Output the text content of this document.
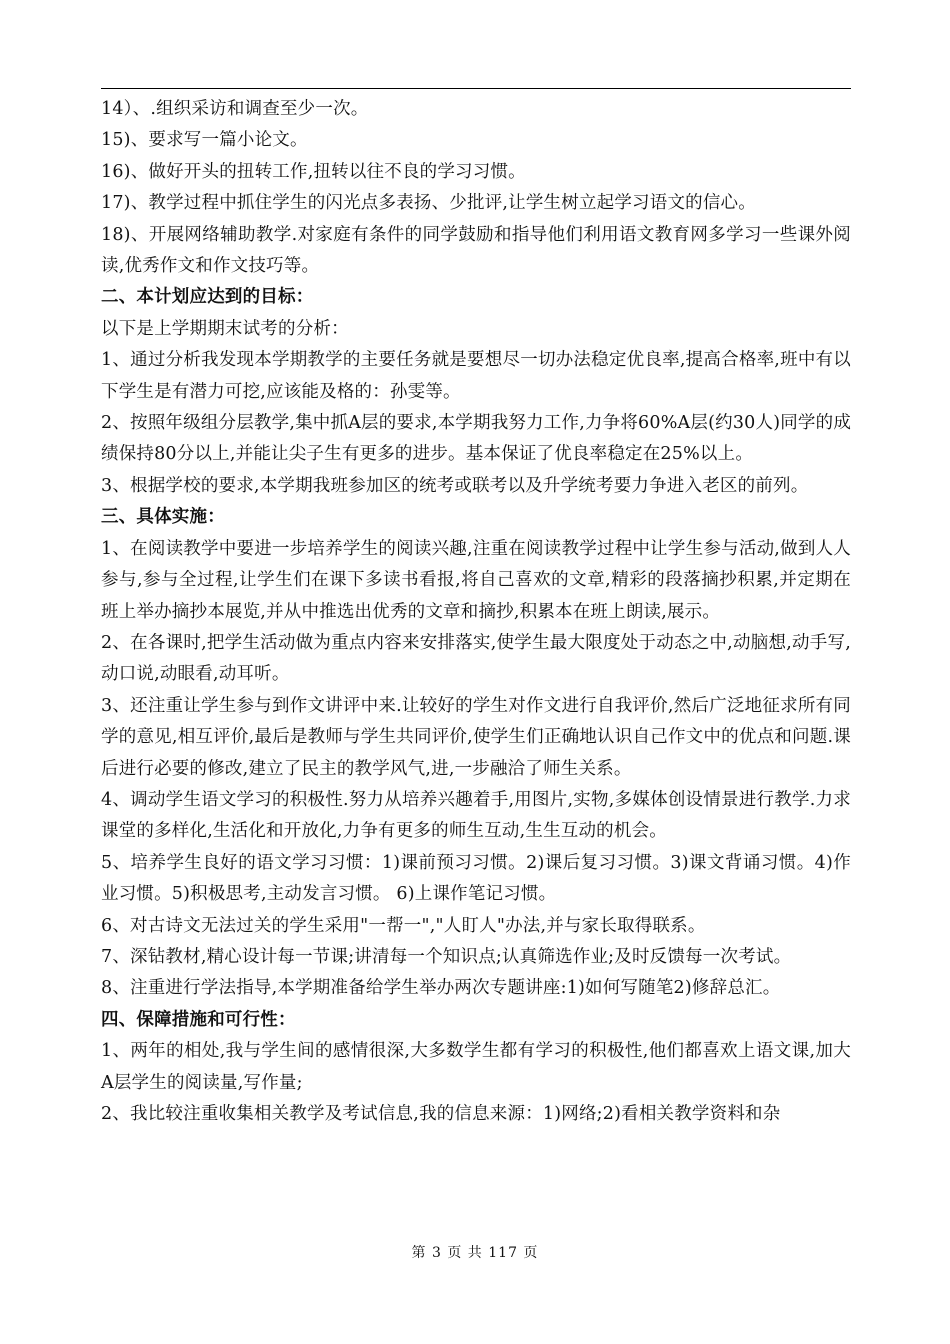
14）、.组织采访和调查至少一次。

15)、要求写一篇小论文。

16)、做好开头的扭转工作,扭转以往不良的学习习惯。

17)、教学过程中抓住学生的闪光点多表扬、少批评,让学生树立起学习语文的信心。

18)、开展网络辅助教学.对家庭有条件的同学鼓励和指导他们利用语文教育网多学习一些课外阅读,优秀作文和作文技巧等。

二、本计划应达到的目标：

以下是上学期期末试考的分析：

1、通过分析我发现本学期教学的主要任务就是要想尽一切办法稳定优良率,提高合格率,班中有以下学生是有潜力可挖,应该能及格的：孙雯等。

2、按照年级组分层教学,集中抓A层的要求,本学期我努力工作,力争将60%A层(约30人)同学的成绩保持80分以上,并能让尖子生有更多的进步。基本保证了优良率稳定在25%以上。

3、根据学校的要求,本学期我班参加区的统考或联考以及升学统考要力争进入老区的前列。

三、具体实施：

1、在阅读教学中要进一步培养学生的阅读兴趣,注重在阅读教学过程中让学生参与活动,做到人人参与,参与全过程,让学生们在课下多读书看报,将自己喜欢的文章,精彩的段落摘抄积累,并定期在班上举办摘抄本展览,并从中推选出优秀的文章和摘抄,积累本在班上朗读,展示。

2、在各课时,把学生活动做为重点内容来安排落实,使学生最大限度处于动态之中,动脑想,动手写,动口说,动眼看,动耳听。

3、还注重让学生参与到作文讲评中来.让较好的学生对作文进行自我评价,然后广泛地征求所有同学的意见,相互评价,最后是教师与学生共同评价,使学生们正确地认识自己作文中的优点和问题.课后进行必要的修改,建立了民主的教学风气,进,一步融洽了师生关系。

4、调动学生语文学习的积极性.努力从培养兴趣着手,用图片,实物,多媒体创设情景进行教学.力求课堂的多样化,生活化和开放化,力争有更多的师生互动,生生互动的机会。

5、培养学生良好的语文学习习惯：1)课前预习习惯。2)课后复习习惯。3)课文背诵习惯。4)作业习惯。5)积极思考,主动发言习惯。 6)上课作笔记习惯。

6、对古诗文无法过关的学生采用"一帮一","人盯人"办法,并与家长取得联系。

7、深钻教材,精心设计每一节课;讲清每一个知识点;认真筛选作业;及时反馈每一次考试。

8、注重进行学法指导,本学期准备给学生举办两次专题讲座:1)如何写随笔2)修辞总汇。

四、保障措施和可行性：

1、两年的相处,我与学生间的感情很深,大多数学生都有学习的积极性,他们都喜欢上语文课,加大A层学生的阅读量,写作量;

2、我比较注重收集相关教学及考试信息,我的信息来源：1)网络;2)看相关教学资料和杂

第 3 页 共 117 页
